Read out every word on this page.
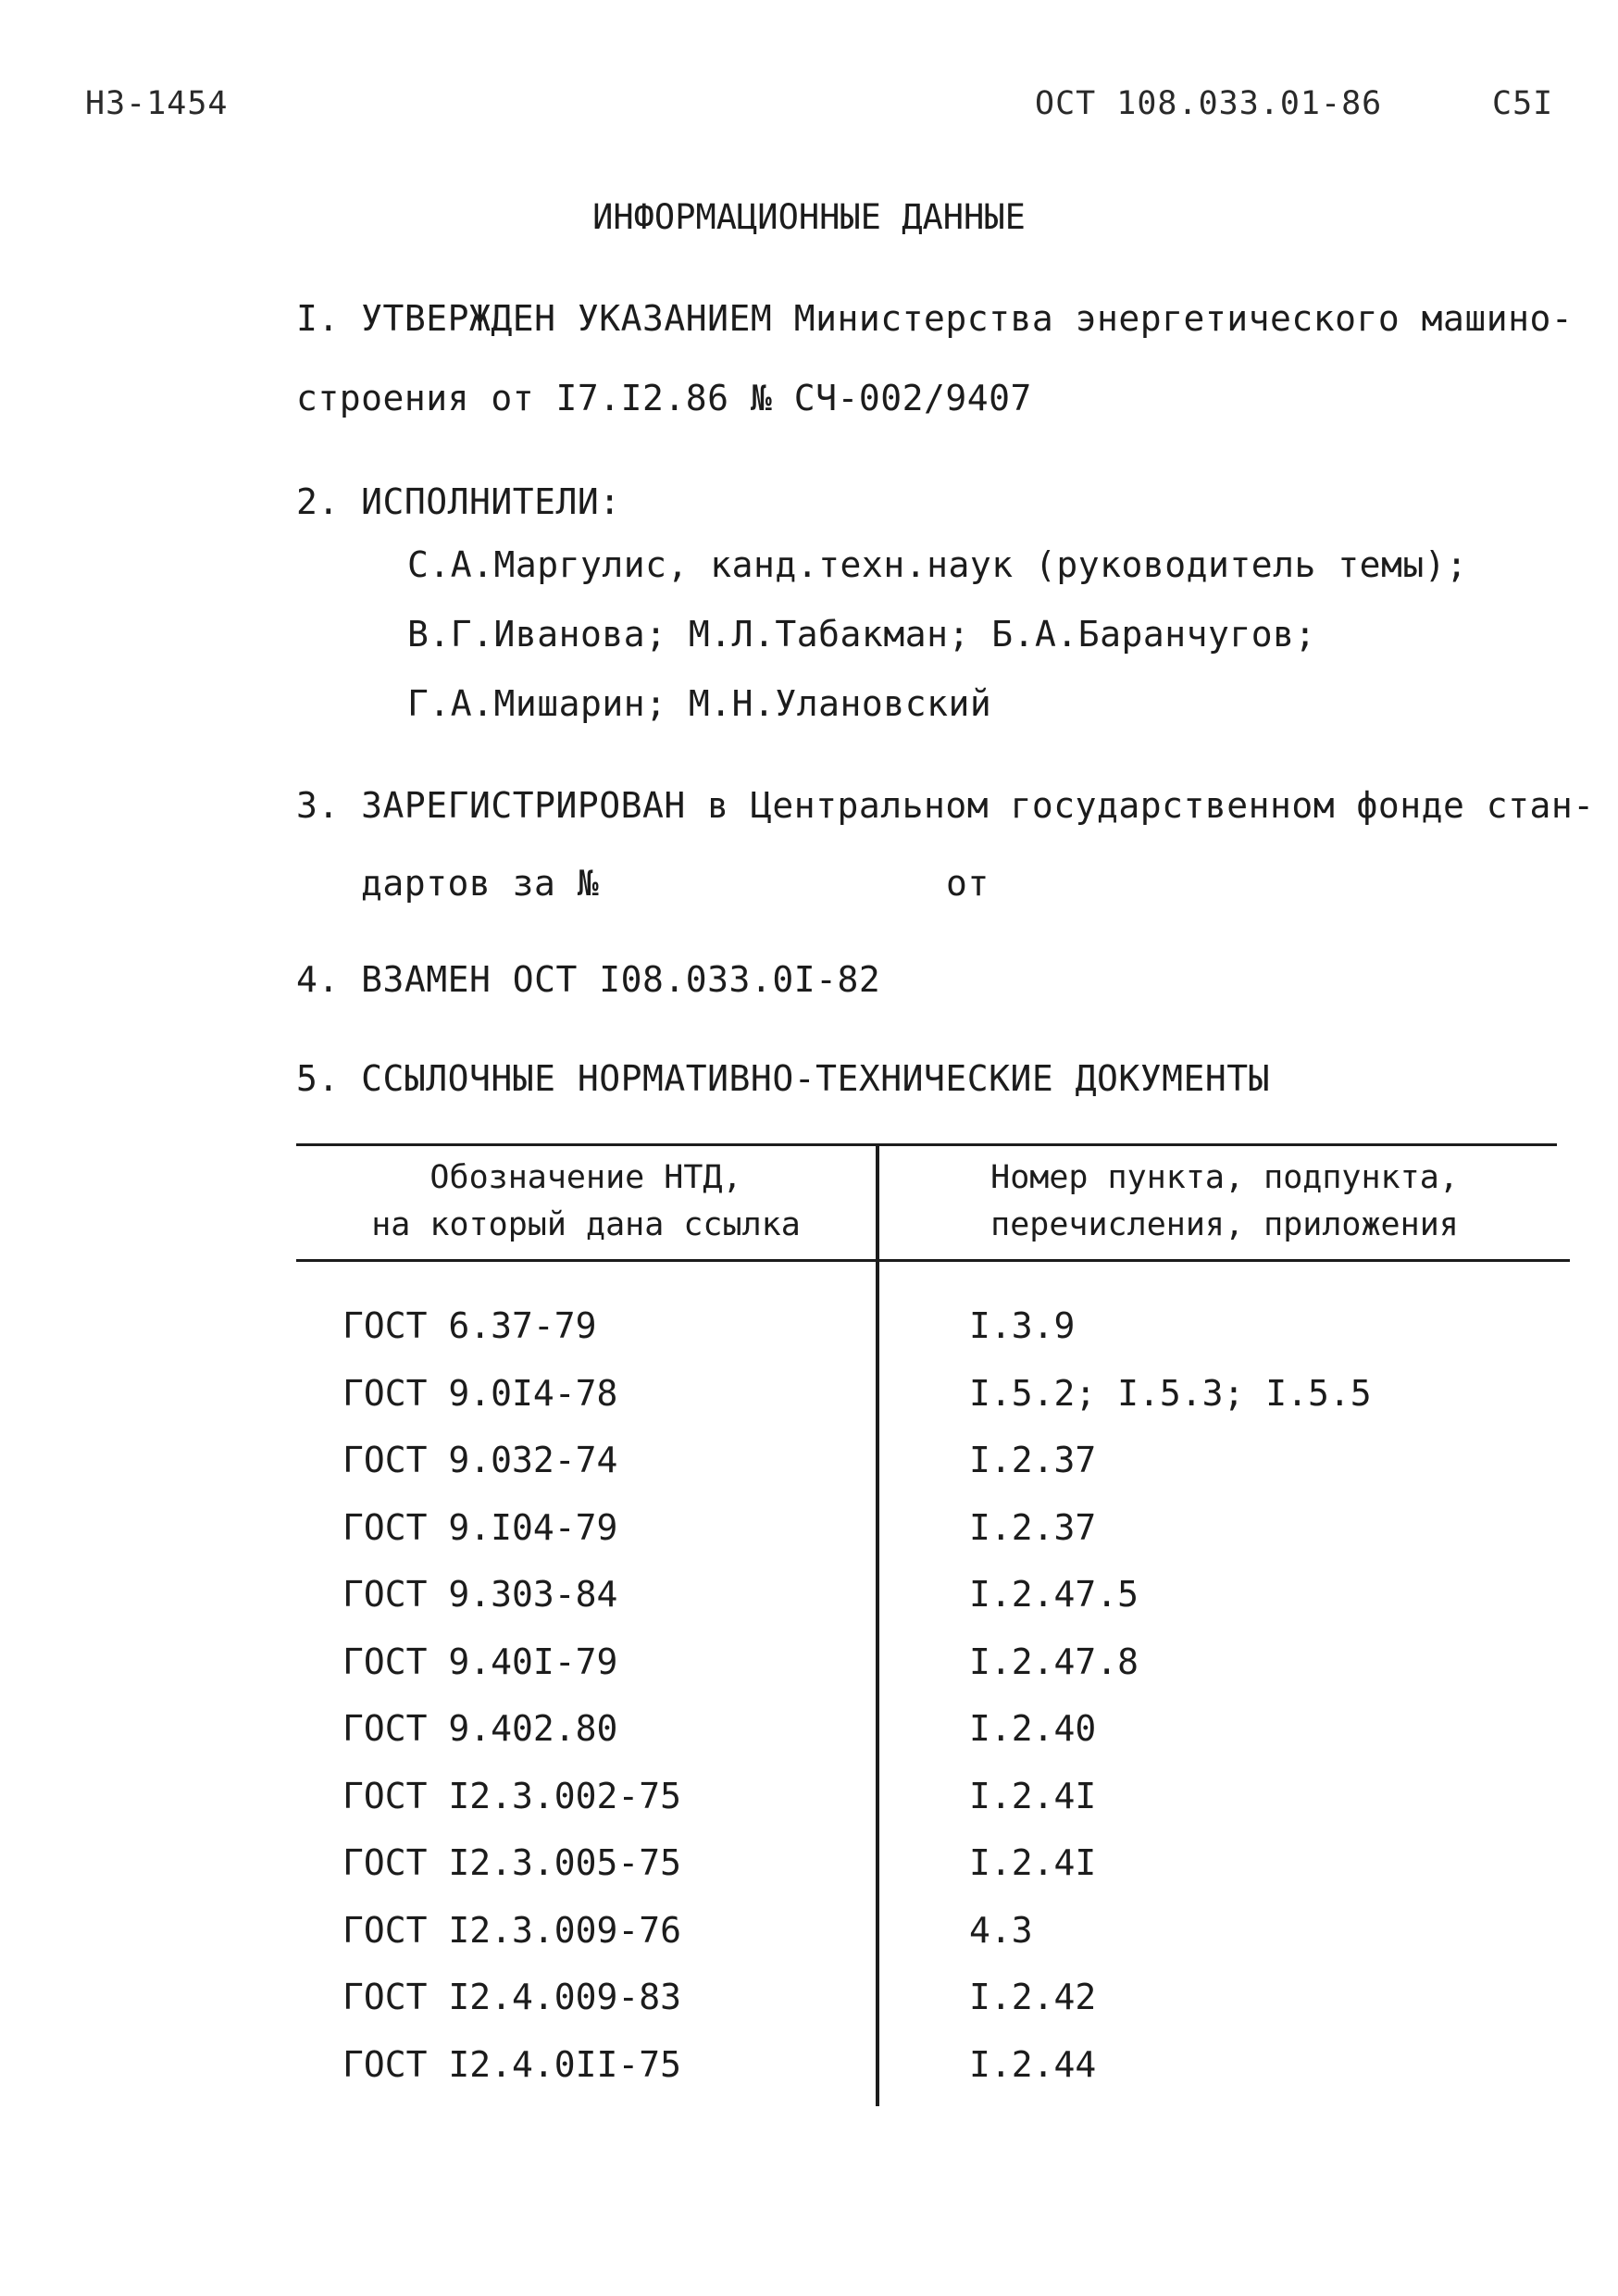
НЗ-1454	ОСТ 108.033.01-86	С5I
ИНФОРМАЦИОННЫЕ ДАННЫЕ
I. УТВЕРЖДЕН УКАЗАНИЕМ Министерства энергетического машино-
строения от I7.I2.86 № СЧ-002/9407
2. ИСПОЛНИТЕЛИ:
С.А.Маргулис, канд.техн.наук (руководитель темы);
В.Г.Иванова; М.Л.Табакман; Б.А.Баранчугов;
Г.А.Мишарин; М.Н.Улановский
3. ЗАРЕГИСТРИРОВАН в Центральном государственном фонде стан-
дартов за №	от
4. ВЗАМЕН ОСТ I08.033.0I-82
5. ССЫЛОЧНЫЕ НОРМАТИВНО-ТЕХНИЧЕСКИЕ ДОКУМЕНТЫ
Обозначение НТД,
на который дана ссылка
Номер пункта, подпункта,
перечисления, приложения
ГОСТ 6.37-79	I.3.9
ГОСТ 9.0I4-78	I.5.2; I.5.3; I.5.5
ГОСТ 9.032-74	I.2.37
ГОСТ 9.I04-79	I.2.37
ГОСТ 9.303-84	I.2.47.5
ГОСТ 9.40I-79	I.2.47.8
ГОСТ 9.402.80	I.2.40
ГОСТ I2.3.002-75	I.2.4I
ГОСТ I2.3.005-75	I.2.4I
ГОСТ I2.3.009-76	4.3
ГОСТ I2.4.009-83	I.2.42
ГОСТ I2.4.0II-75	I.2.44
